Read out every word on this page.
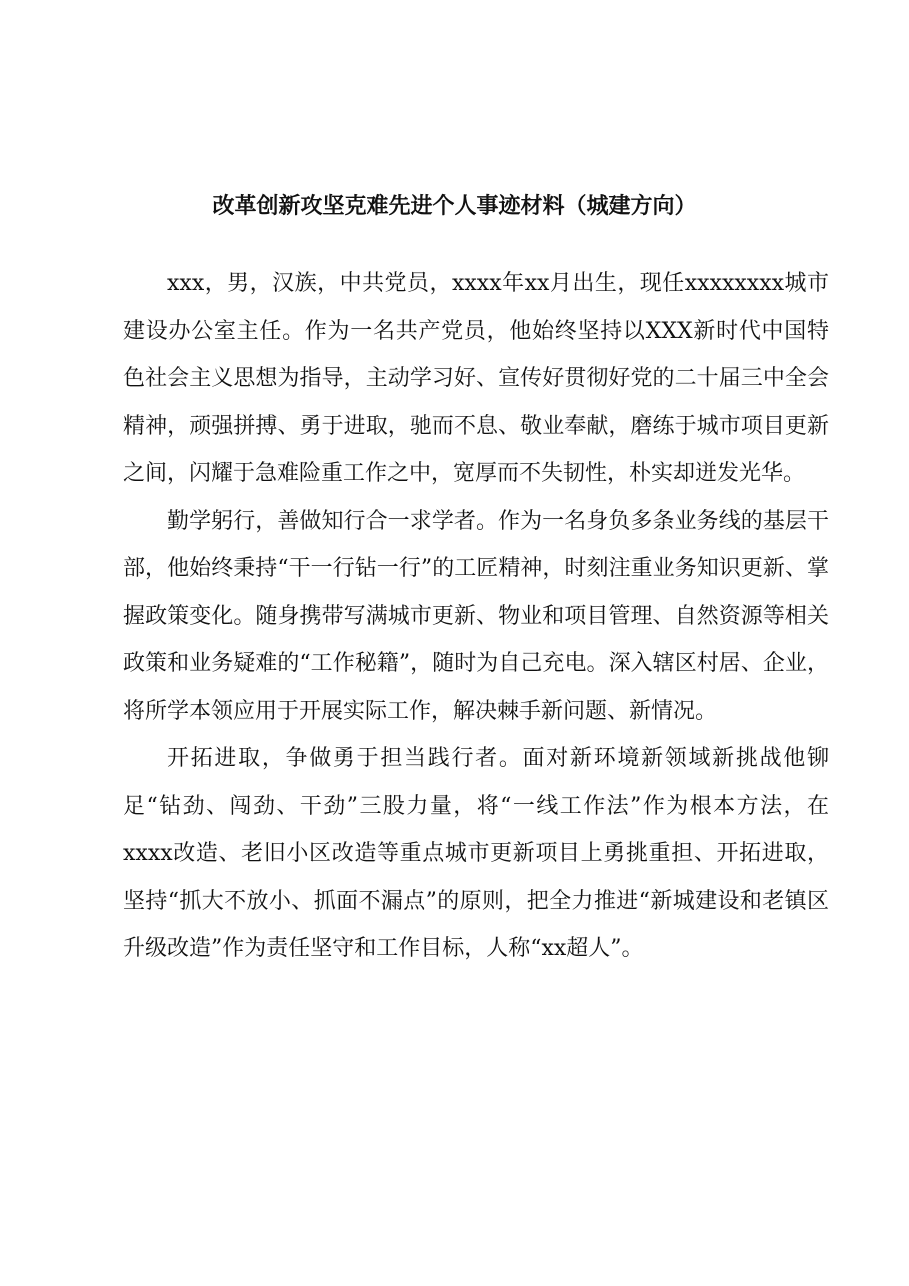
改革创新攻坚克难先进个人事迹材料（城建方向）

xxx，男，汉族，中共党员，xxxx年xx月出生，现任xxxxxxxx城市建设办公室主任。作为一名共产党员，他始终坚持以XXX新时代中国特色社会主义思想为指导，主动学习好、宣传好贯彻好党的二十届三中全会精神，顽强拼搏、勇于进取，驰而不息、敬业奉献，磨练于城市项目更新之间，闪耀于急难险重工作之中，宽厚而不失韧性，朴实却迸发光华。

勤学躬行，善做知行合一求学者。作为一名身负多条业务线的基层干部，他始终秉持“干一行钻一行”的工匠精神，时刻注重业务知识更新、掌握政策变化。随身携带写满城市更新、物业和项目管理、自然资源等相关政策和业务疑难的“工作秘籍”，随时为自己充电。深入辖区村居、企业，将所学本领应用于开展实际工作，解决棘手新问题、新情况。

开拓进取，争做勇于担当践行者。面对新环境新领域新挑战他铆足“钻劲、闯劲、干劲”三股力量，将“一线工作法”作为根本方法，在xxxx改造、老旧小区改造等重点城市更新项目上勇挑重担、开拓进取，坚持“抓大不放小、抓面不漏点”的原则，把全力推进“新城建设和老镇区升级改造”作为责任坚守和工作目标，人称“xx超人”。
